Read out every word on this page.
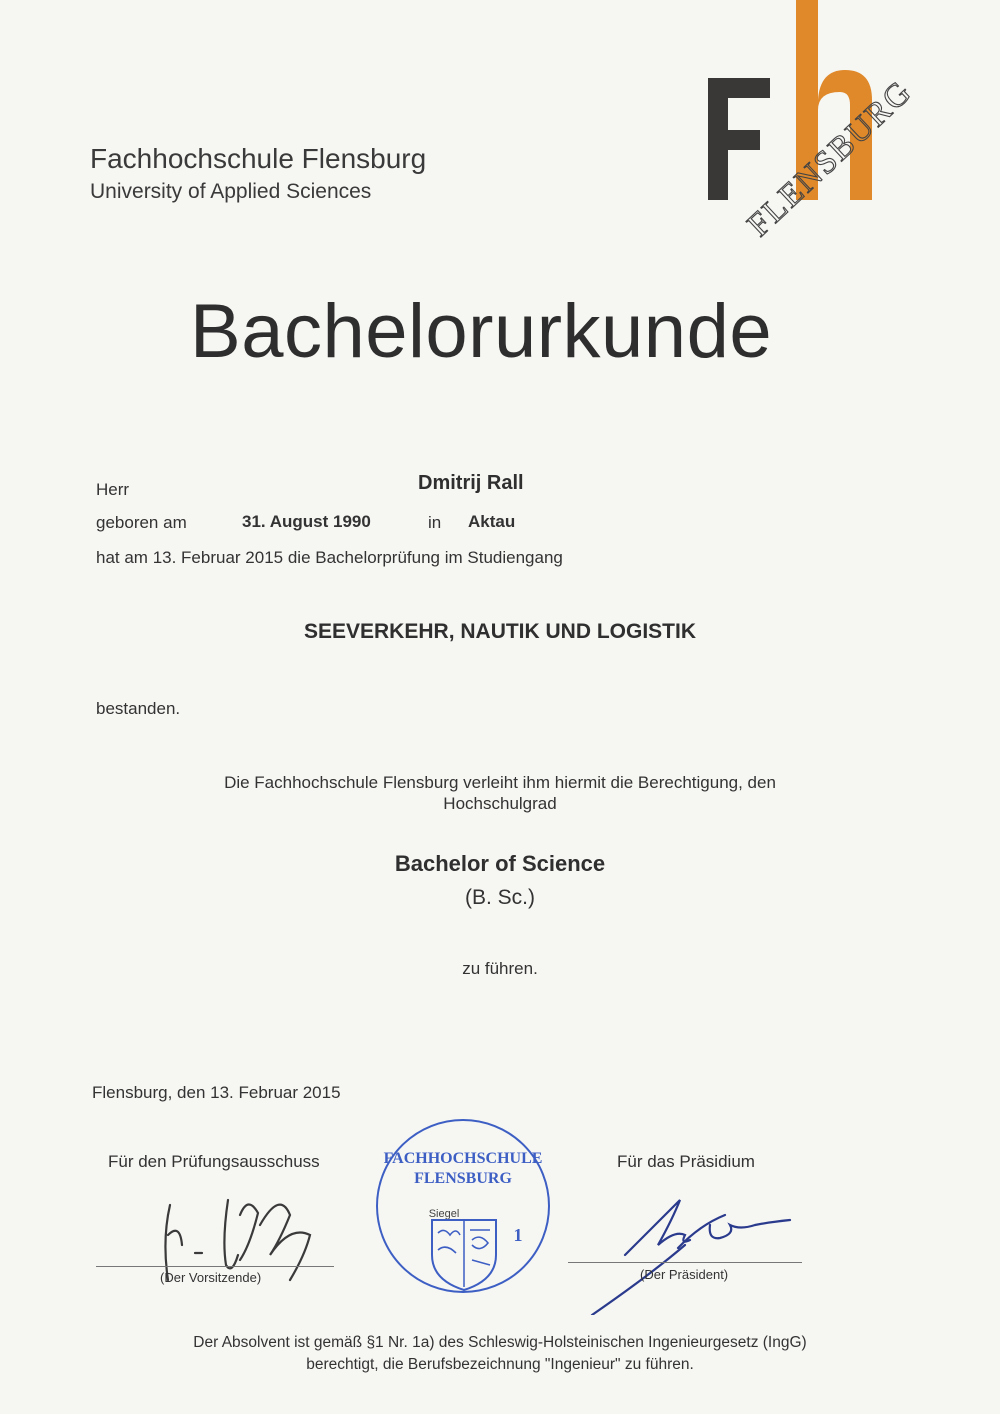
Fachhochschule Flensburg
University of Applied Sciences
FLENSBURG
Bachelorurkunde
Herr	Dmitrij Rall
geboren am	31. August 1990	in Aktau
hat am 13. Februar 2015 die Bachelorprüfung im Studiengang
SEEVERKEHR, NAUTIK UND LOGISTIK
bestanden.
Die Fachhochschule Flensburg verleiht ihm hiermit die Berechtigung, den
Hochschulgrad
Bachelor of Science
(B. Sc.)
zu führen.
Flensburg, den 13. Februar 2015
Für den Prüfungsausschuss	Für das Präsidium
(Der Vorsitzende)
FACHHOCHSCHULE
FLENSBURG
Siegel
1
(Der Präsident)
Der Absolvent ist gemäß §1 Nr. 1a) des Schleswig-Holsteinischen Ingenieurgesetz (IngG)
berechtigt, die Berufsbezeichnung "Ingenieur" zu führen.
